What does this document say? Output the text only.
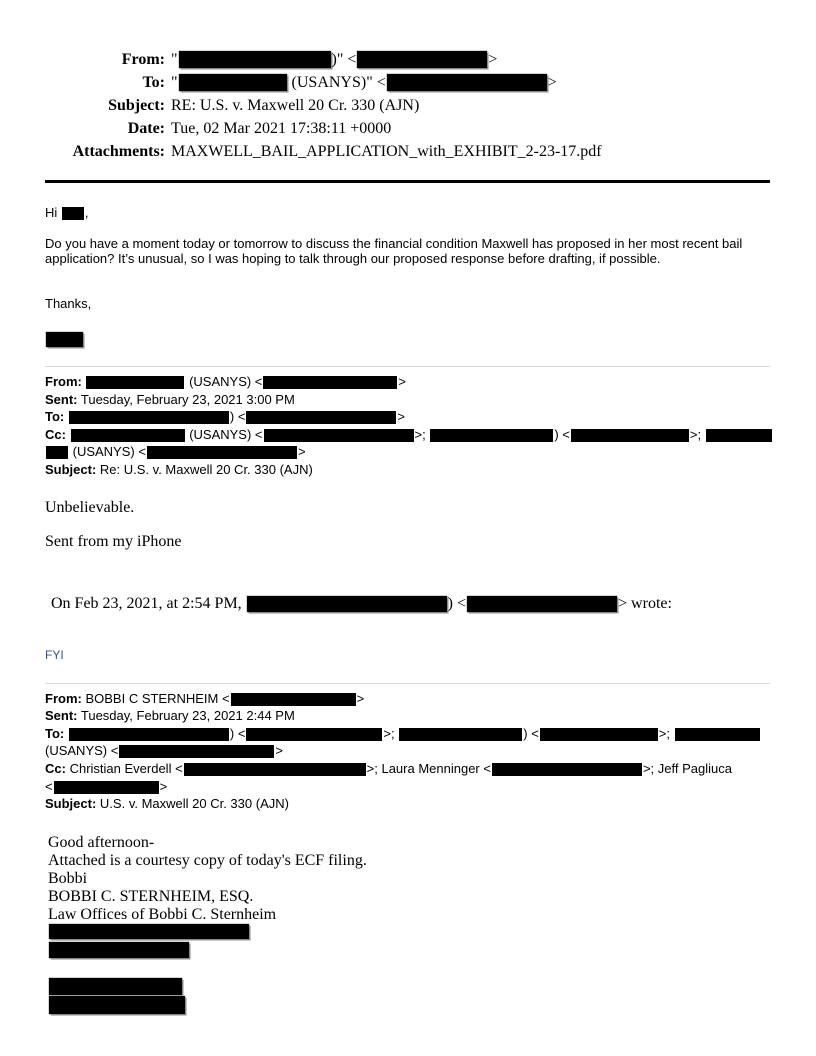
From: "	)" <	>
To: "	(USANYS)" <	>
Subject: RE: U.S. v. Maxwell 20 Cr. 330 (AJN)
Date: Tue, 02 Mar 2021 17:38:11 +0000
Attachments: MAXWELL_BAIL_APPLICATION_with_EXHIBIT_2-23-17.pdf
Hi ,
Do you have a moment today or tomorrow to discuss the financial condition Maxwell has proposed in her most recent bail application? It’s unusual, so I was hoping to talk through our proposed response before drafting, if possible.
Thanks,
From:	(USANYS) <	>
Sent: Tuesday, February 23, 2021 3:00 PM
To:	) <	>
Cc:	(USANYS) <	>;	) <	>;
(USANYS) <	>
Subject: Re: U.S. v. Maxwell 20 Cr. 330 (AJN)
Unbelievable.
Sent from my iPhone
On Feb 23, 2021, at 2:54 PM,	) <	> wrote:
FYI
From: BOBBI C STERNHEIM <	>
Sent: Tuesday, February 23, 2021 2:44 PM
To:	) <	>;	) <	>;
(USANYS) <	>
Cc: Christian Everdell <	>; Laura Menninger <	>; Jeff Pagliuca
<	>
Subject: U.S. v. Maxwell 20 Cr. 330 (AJN)
Good afternoon-
Attached is a courtesy copy of today's ECF filing.
Bobbi
BOBBI C. STERNHEIM, ESQ.
Law Offices of Bobbi C. Sternheim
